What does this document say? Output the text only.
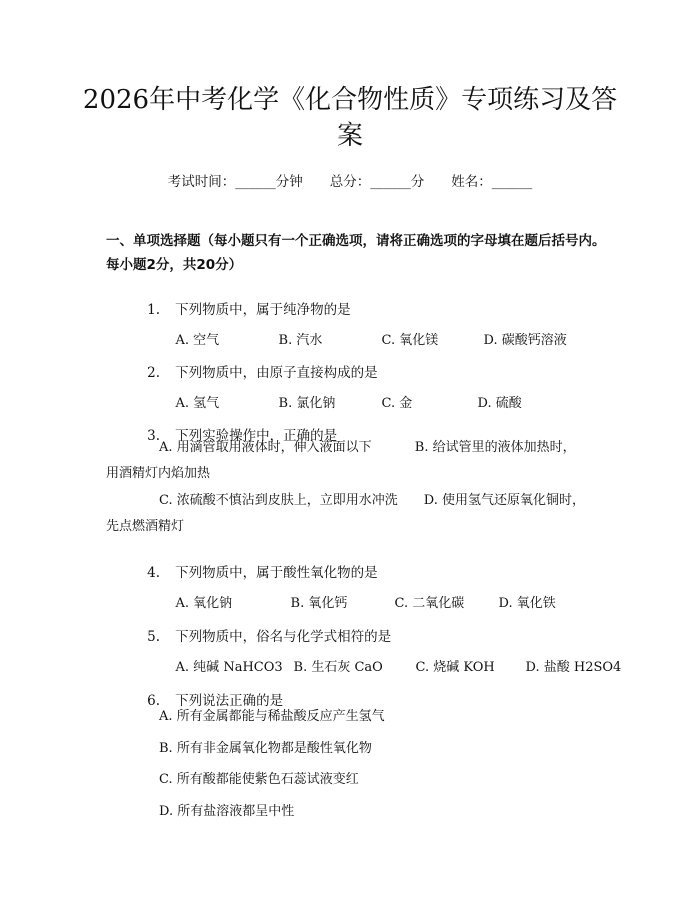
2026年中考化学《化合物性质》专项练习及答案
考试时间：______分钟　　总分：______分　　姓名：______
一、单项选择题（每小题只有一个正确选项，请将正确选项的字母填在题后括号内。每小题2分，共20分）

1. 下列物质中，属于纯净物的是

A. 空气	B. 汽水	C. 氧化镁	D. 碳酸钙溶液

2. 下列物质中，由原子直接构成的是

A. 氢气	B. 氯化钠	C. 金	D. 硫酸

3. 下列实验操作中，正确的是

A. 用滴管取用液体时，伸入液面以下　　　 B. 给试管里的液体加热时，用酒精灯内焰加热

C. 浓硫酸不慎沾到皮肤上，立即用水冲洗　　D. 使用氢气还原氧化铜时，先点燃酒精灯

4. 下列物质中，属于酸性氧化物的是

A. 氧化钠	B. 氧化钙	C. 二氧化碳	D. 氧化铁

5. 下列物质中，俗名与化学式相符的是

A. 纯碱 NaHCO3 B. 生石灰 CaO	C. 烧碱 KOH D. 盐酸 H2SO4

6. 下列说法正确的是

A. 所有金属都能与稀盐酸反应产生氢气
B. 所有非金属氧化物都是酸性氧化物
C. 所有酸都能使紫色石蕊试液变红
D. 所有盐溶液都呈中性
